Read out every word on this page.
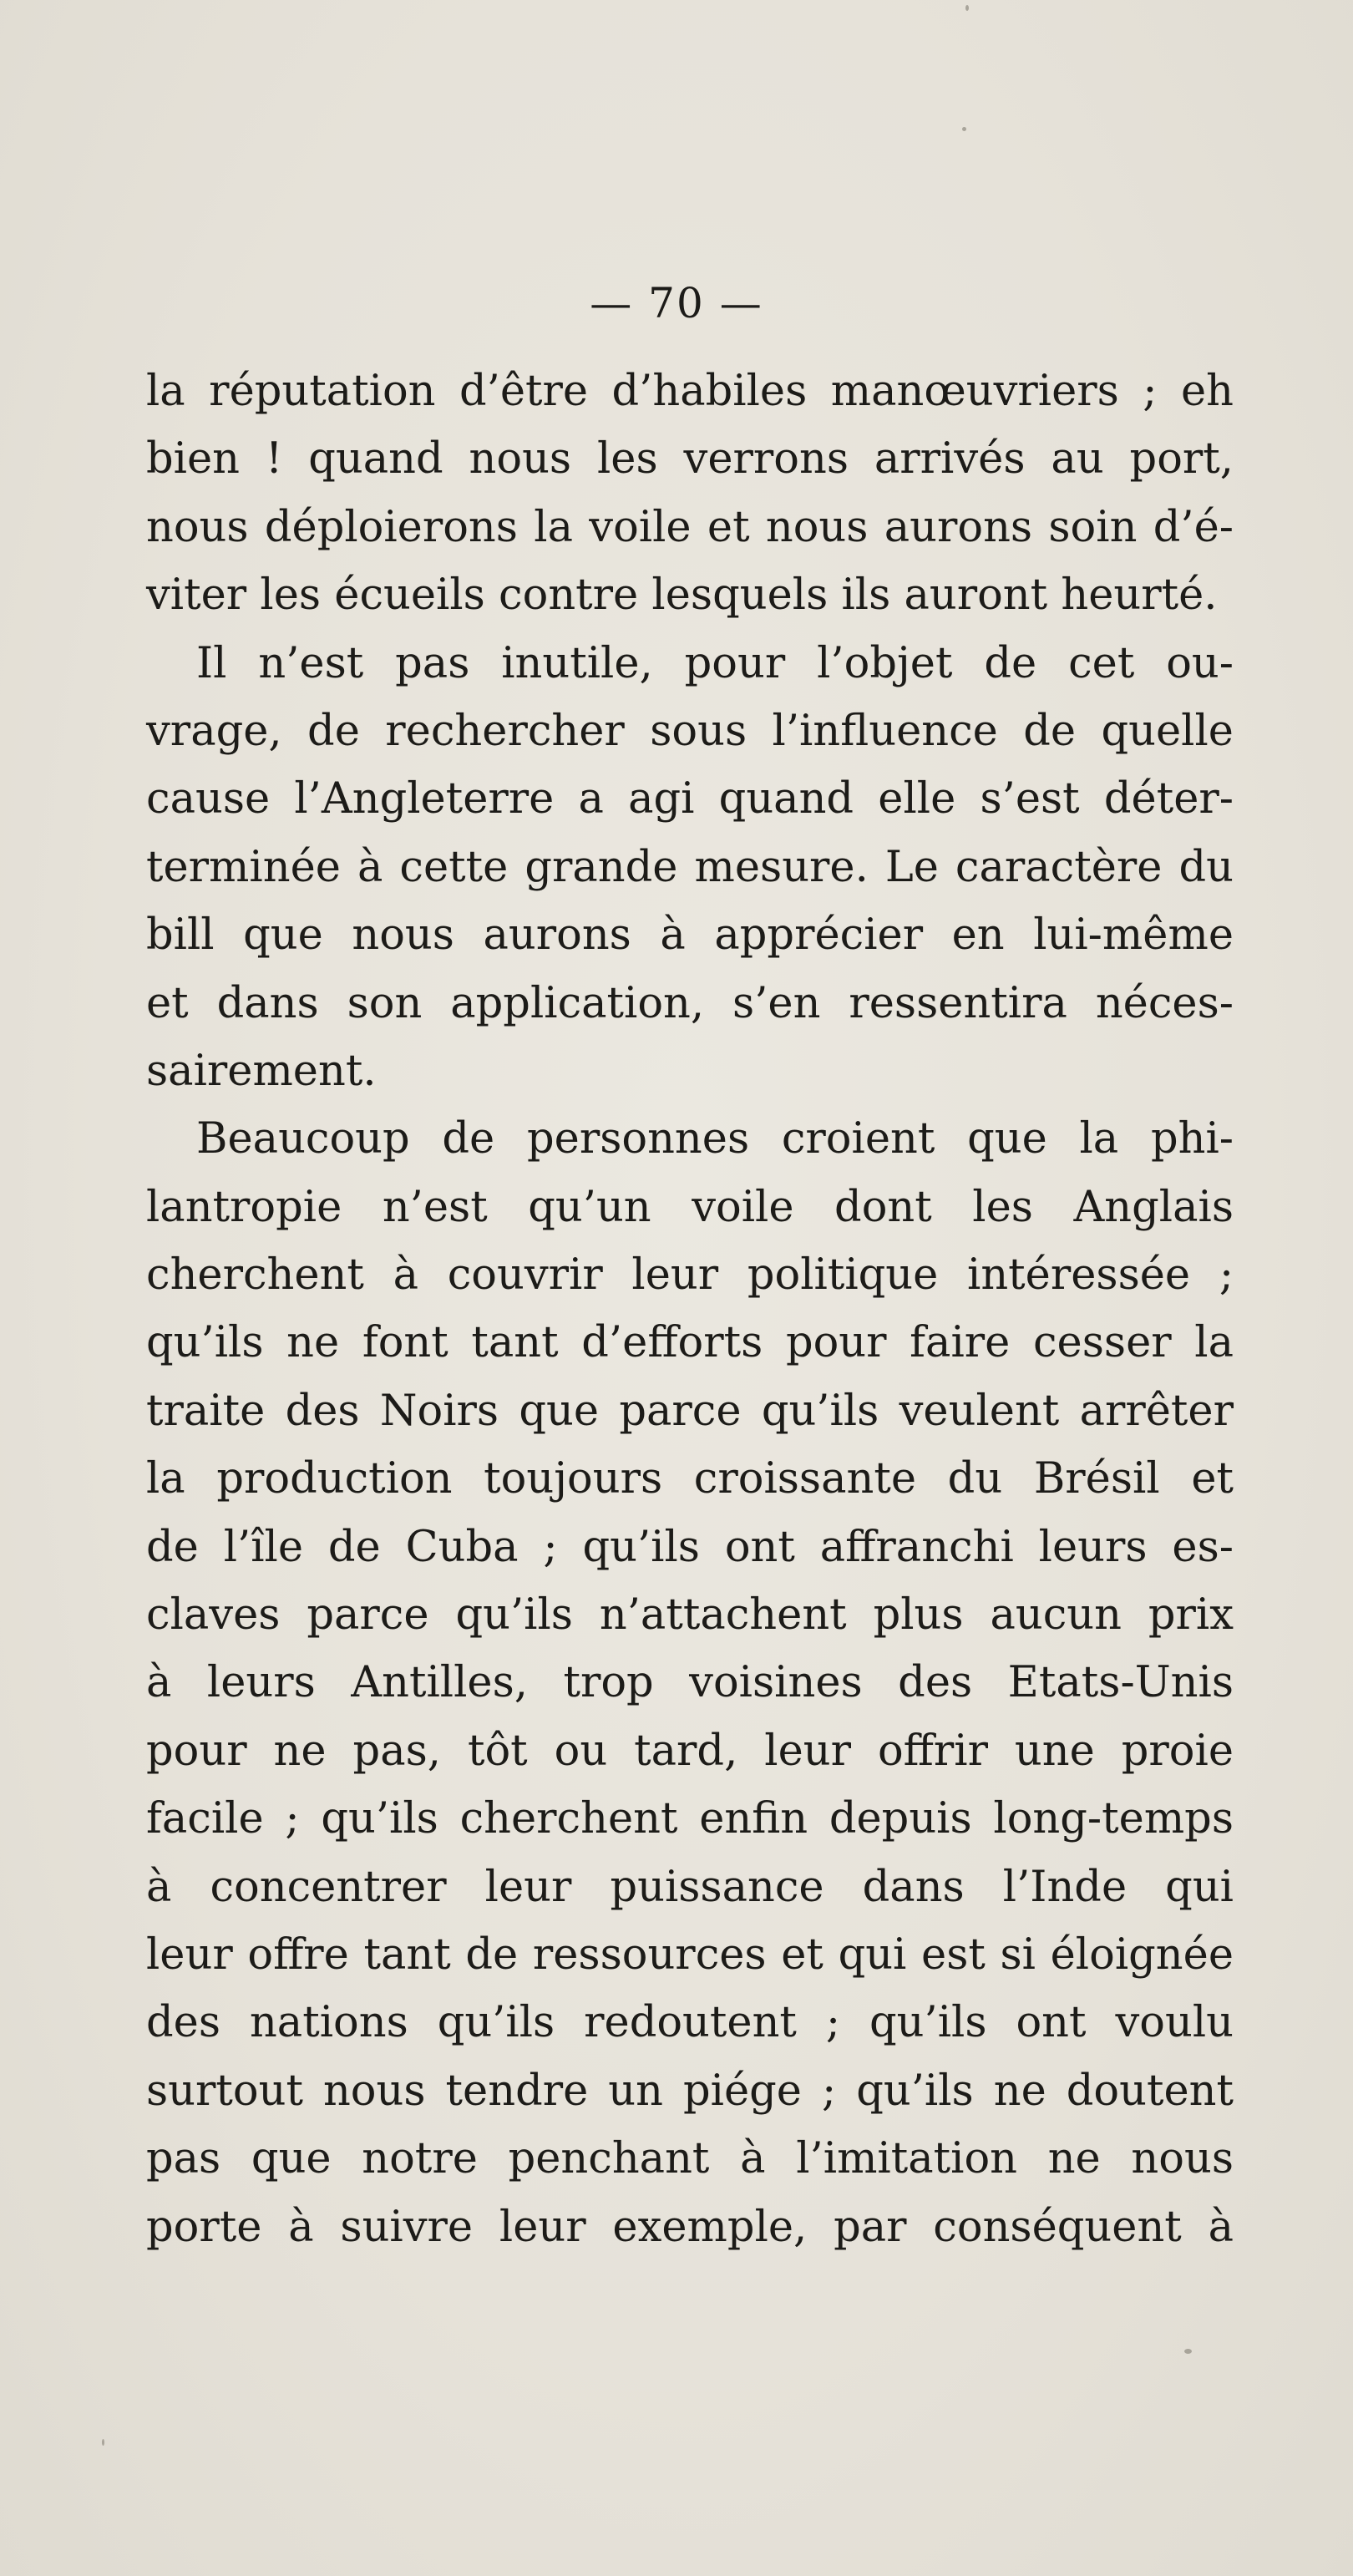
— 70 —
la réputation d’être d’habiles manœuvriers ; eh
bien ! quand nous les verrons arrivés au port,
nous déploierons la voile et nous aurons soin d’é-
viter les écueils contre lesquels ils auront heurté.
Il n’est pas inutile, pour l’objet de cet ou-
vrage, de rechercher sous l’influence de quelle
cause l’Angleterre a agi quand elle s’est déter-
terminée à cette grande mesure. Le caractère du
bill que nous aurons à apprécier en lui-même
et dans son application, s’en ressentira néces-
sairement.
Beaucoup de personnes croient que la phi-
lantropie n’est qu’un voile dont les Anglais
cherchent à couvrir leur politique intéressée ;
qu’ils ne font tant d’efforts pour faire cesser la
traite des Noirs que parce qu’ils veulent arrêter
la production toujours croissante du Brésil et
de l’île de Cuba ; qu’ils ont affranchi leurs es-
claves parce qu’ils n’attachent plus aucun prix
à leurs Antilles, trop voisines des Etats-Unis
pour ne pas, tôt ou tard, leur offrir une proie
facile ; qu’ils cherchent enfin depuis long-temps
à concentrer leur puissance dans l’Inde qui
leur offre tant de ressources et qui est si éloignée
des nations qu’ils redoutent ; qu’ils ont voulu
surtout nous tendre un piége ; qu’ils ne doutent
pas que notre penchant à l’imitation ne nous
porte à suivre leur exemple, par conséquent à
